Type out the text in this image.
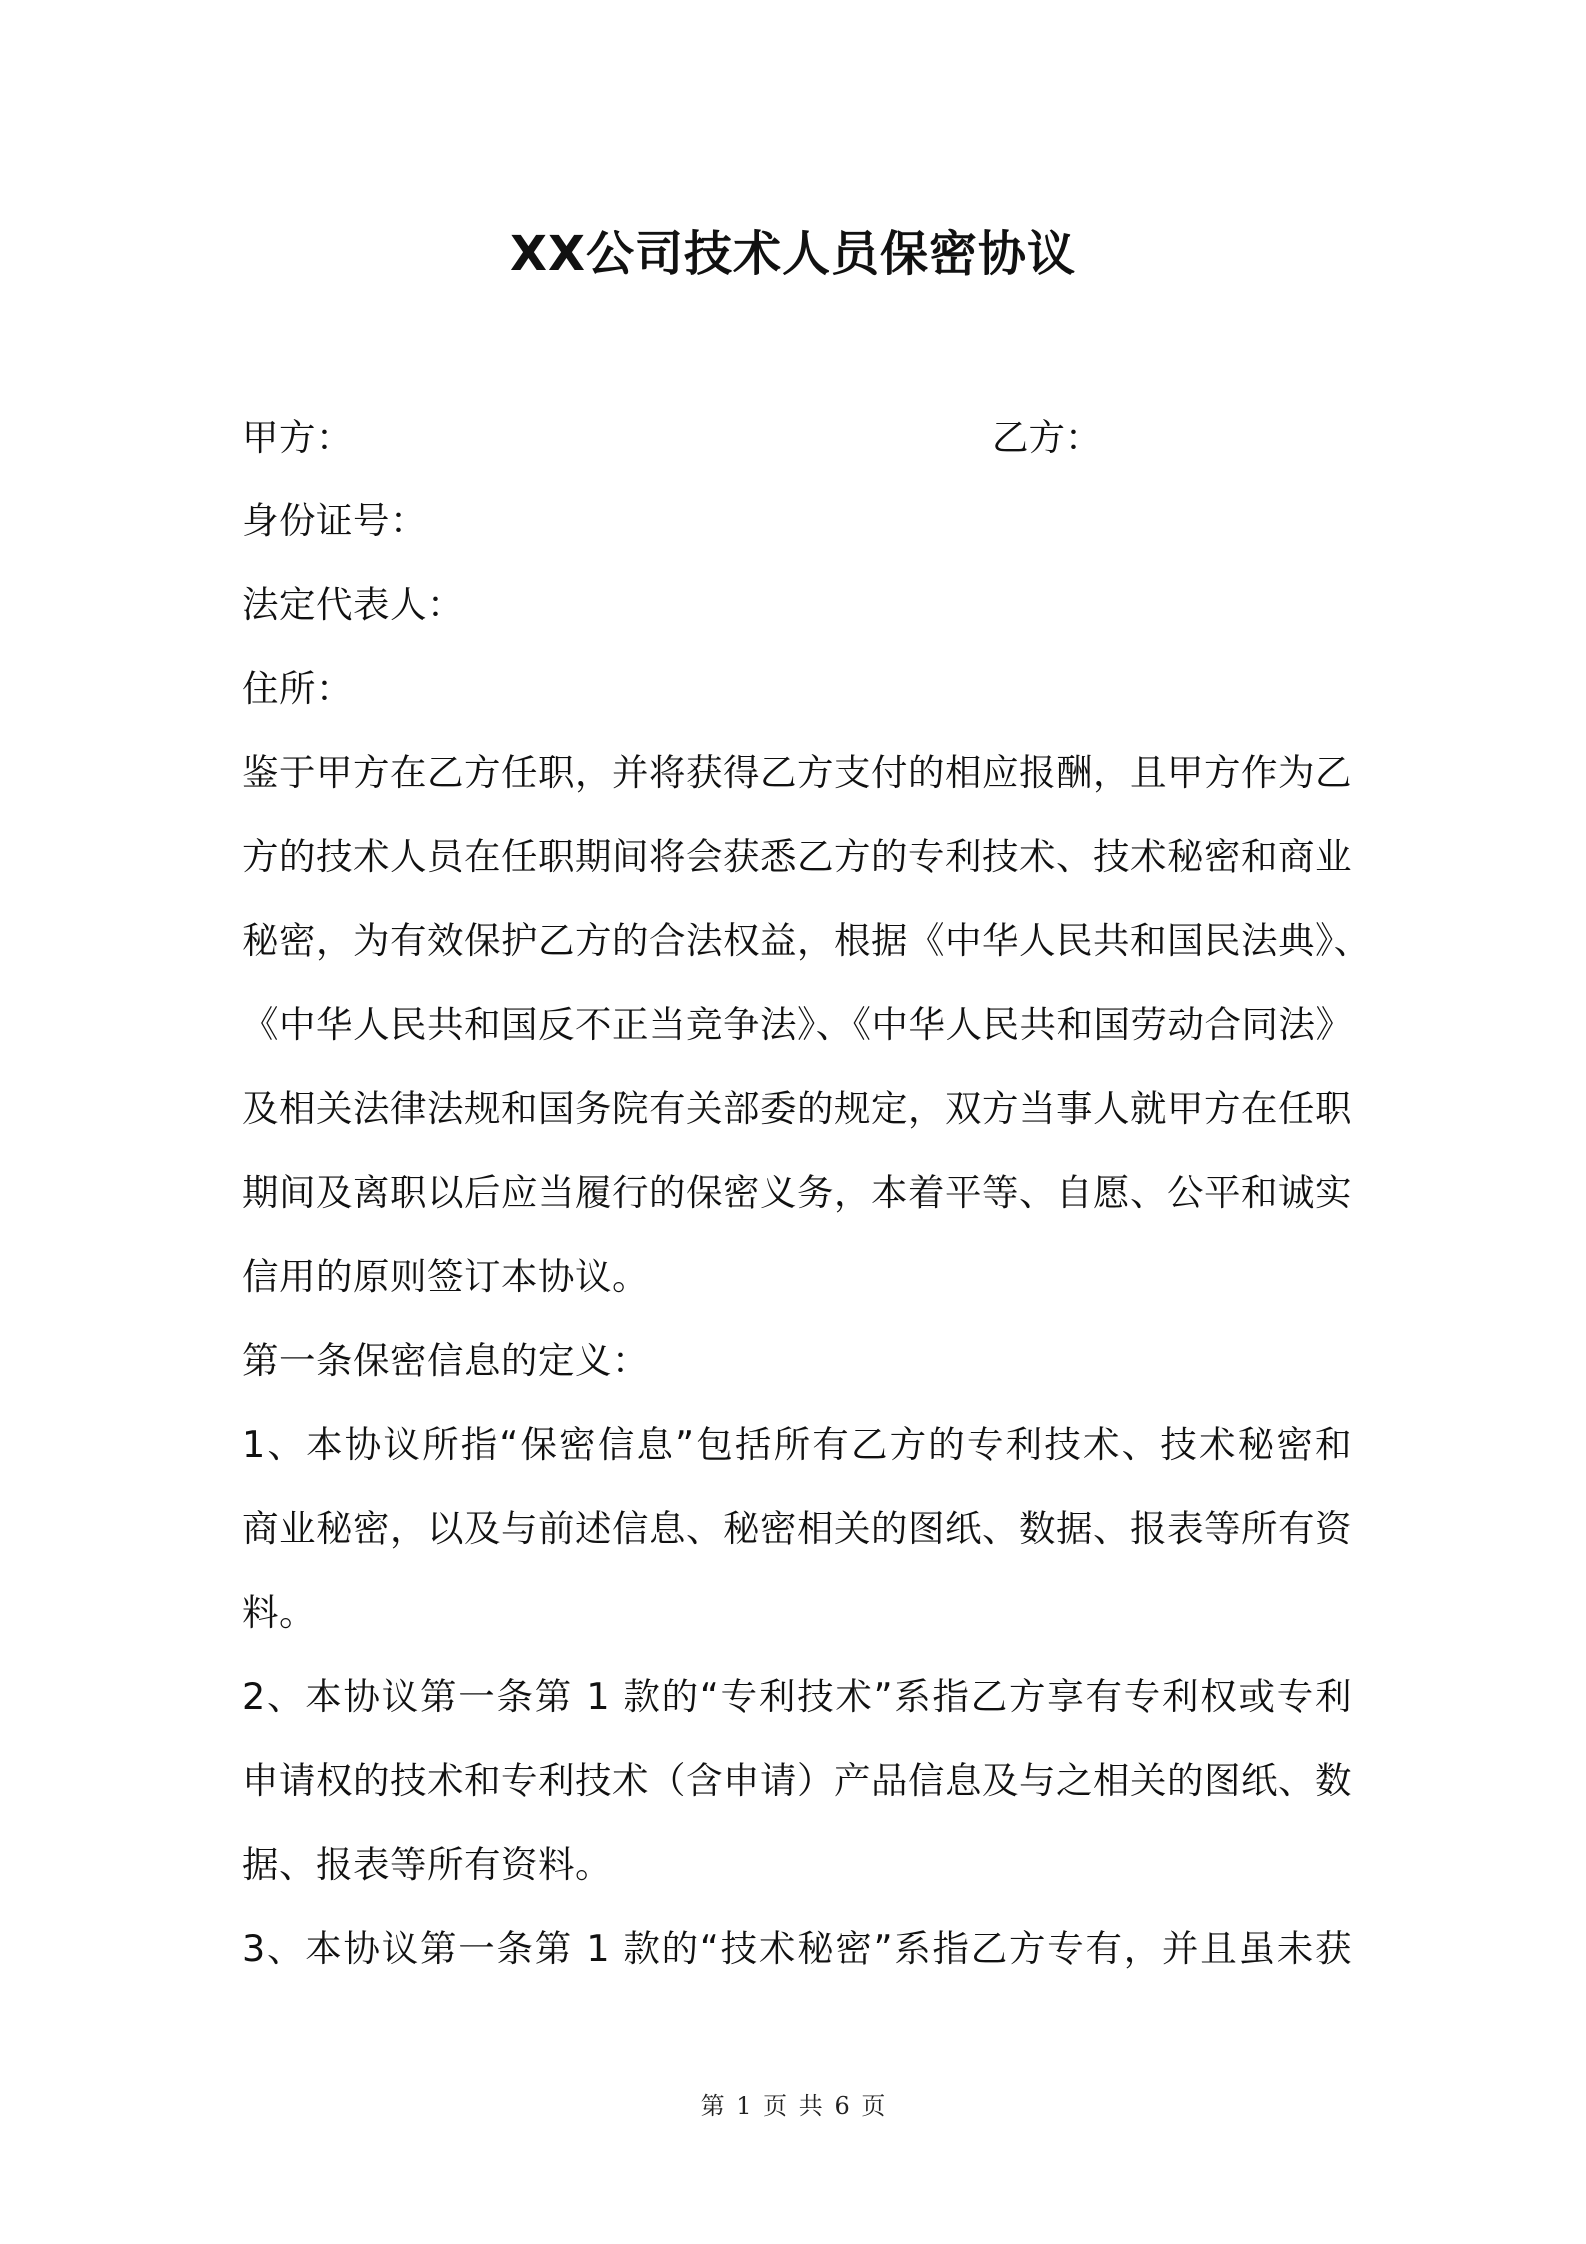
XX公司技术人员保密协议
甲方：	乙方：
身份证号：
法定代表人：
住所：
鉴于甲方在乙方任职，并将获得乙方支付的相应报酬，且甲方作为乙
方的技术人员在任职期间将会获悉乙方的专利技术、技术秘密和商业
秘密，为有效保护乙方的合法权益，根据《中华人民共和国民法典》、
《中华人民共和国反不正当竞争法》、《中华人民共和国劳动合同法》
及相关法律法规和国务院有关部委的规定，双方当事人就甲方在任职
期间及离职以后应当履行的保密义务，本着平等、自愿、公平和诚实
信用的原则签订本协议。
第一条保密信息的定义：
1、本协议所指“保密信息”包括所有乙方的专利技术、技术秘密和
商业秘密，以及与前述信息、秘密相关的图纸、数据、报表等所有资
料。
2、本协议第一条第 1 款的“专利技术”系指乙方享有专利权或专利
申请权的技术和专利技术（含申请）产品信息及与之相关的图纸、数
据、报表等所有资料。
3、本协议第一条第 1 款的“技术秘密”系指乙方专有，并且虽未获
第 1 页 共 6 页
